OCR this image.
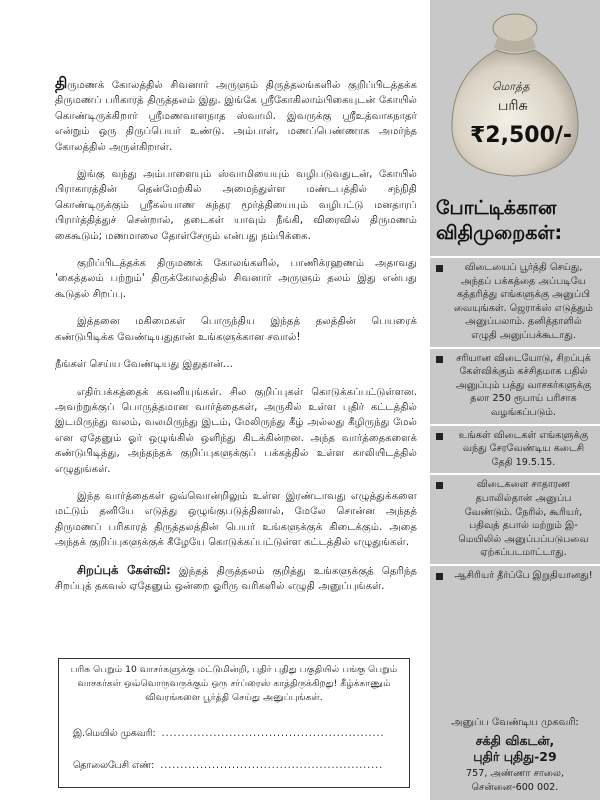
திருமணக் கோலத்தில் சிவனார் அருளும் திருத்தலங்களில் குறிப்பிடத்தக்க திருமணப் பரிகாரத் திருத்தலம் இது. இங்கே ஸ்ரீகோகிலாம்பிகையுடன் கோயில் கொண்டிருக்கிறார் ஸ்ரீமணவாளநாத ஸ்வாமி. இவருக்கு ஸ்ரீஉத்வாகநாதர் என்றும் ஒரு திருப்பெயர் உண்டு. அம்பாள், மணப்பெண்ணாக அமர்ந்த கோலத்தில் அருள்கிறாள்.

இங்கு வந்து அம்பாளையும் ஸ்வாமியையும் வழிபடுவதுடன், கோயில் பிராகாரத்தின் தென்மேற்கில் அமைந்துள்ள மண்டபத்தில் சந்நிதி கொண்டிருக்கும் ஸ்ரீகல்யாண சுந்தர மூர்த்தியையும் வழிபட்டு மனதாரப் பிரார்த்தித்துச் சென்றால், தடைகள் யாவும் நீங்கி, விரைவில் திருமணம் கைகூடும்; மணமாலை தோள்சேரும் என்பது நம்பிக்கை.

குறிப்பிடத்தக்க திருமணக் கோலங்களில், பாணிக்ரஹணம் அதாவது 'கைத்தலம் பற்றும்' திருக்கோலத்தில் சிவனார் அருளும் தலம் இது என்பது கூடுதல் சிறப்பு.

இத்தனை மகிமைகள் பொருந்திய இந்தத் தலத்தின் பெயரைக் கண்டுபிடிக்க வேண்டியதுதான் உங்களுக்கான சவால்!

நீங்கள் செய்ய வேண்டியது இதுதான்...

எதிர்பக்கத்தைக் கவனியுங்கள். சில குறிப்புகள் கொடுக்கப்பட்டுள்ளன. அவற்றுக்குப் பொருத்தமான வார்த்தைகள், அருகில் உள்ள புதிர் கட்டத்தில் இடமிருந்து வலம், வலமிருந்து இடம், மேலிருந்து கீழ் அல்லது கீழிருந்து மேல் என ஏதேனும் ஓர் ஒழுங்கில் ஒளிந்து கிடக்கின்றன. அந்த வார்த்தைகளைக் கண்டுபிடித்து, அந்தந்தக் குறிப்புகளுக்குப் பக்கத்தில் உள்ள காலியிடத்தில் எழுதுங்கள்.

இந்த வார்த்தைகள் ஒவ்வொன்றிலும் உள்ள இரண்டாவது எழுத்துக்களை மட்டும் தனியே எடுத்து ஒழுங்குபடுத்தினால், மேலே சொன்ன அந்தத் திருமணப் பரிகாரத் திருத்தலத்தின் பெயர் உங்களுக்குக் கிடைக்கும். அதை அந்தக் குறிப்புகளுக்குக் கீழேயே கொடுக்கப்பட்டுள்ள கட்டத்தில் எழுதுங்கள்.

சிறப்புக் கேள்வி: இந்தத் திருத்தலம் குறித்து உங்களுக்குத் தெரிந்த சிறப்புத் தகவல் ஏதேனும் ஒன்றை ஓரிரு வரிகளில் எழுதி அனுப்புங்கள்.

பரிசு பெறும் 10 வாசர்களுக்கு மட்டுமின்றி, புதிர் புதிது பகுதியில் பங்கு பெறும் வாசகர்கள் ஒவ்வொருவருக்கும் ஒரு சர்ப்ரைஸ் காத்திருக்கிறது! கீழ்க்காணும் விவரங்களை பூர்த்தி செய்து அனுப்புங்கள்.
இ.மெயில் முகவரி: ........................................................
தொலைபேசி எண்: ........................................................
மொத்த
பரிசு
₹2,500/-
போட்டிக்கான
விதிமுறைகள்:
விடையைப் பூர்த்தி செய்து, அந்தப் பக்கத்தை அப்படியே கத்தரித்து எங்களுக்கு அனுப்பி வையுங்கள். ஜெராக்ஸ் எடுத்தும் அனுப்பலாம். தனித்தாளில் எழுதி அனுப்பக்கூடாது.
சரியான விடையோடு, சிறப்புக் கேள்விக்கும் கச்சிதமாக பதில் அனுப்பும் பத்து வாசகர்களுக்கு தலா 250 ரூபாய் பரிசாக வழங்கப்படும்.
உங்கள் விடைகள் எங்களுக்கு வந்து சேரவேண்டிய கடைசி தேதி 19.5.15.
விடைகளை சாதாரண தபாலில்தான் அனுப்ப வேண்டும். நேரில், கூரியர், பதிவுத் தபால் மற்றும் இ-மெயிலில் அனுப்பப்படுபவை ஏற்கப்படமாட்டாது.
ஆசிரியர் தீர்ப்பே இறுதியானது!
அனுப்ப வேண்டிய முகவரி:
சக்தி விகடன்,
புதிர் புதிது-29
757, அண்ணா சாலை,
சென்னை-600 002.
